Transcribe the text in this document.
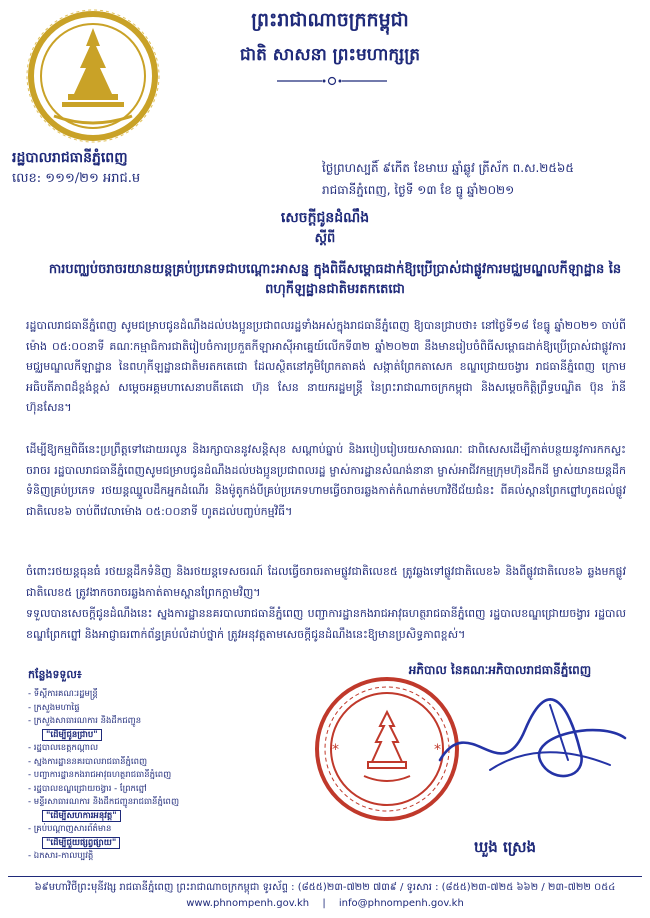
ព្រះរាជាណាចក្រកម្ពុជា
ជាតិ សាសនា ព្រះមហាក្សត្រ
រដ្ឋបាលរាជធានីភ្នំពេញ
លេខ: ១១១/២១ អរាជ.ម
ថ្ងៃព្រហស្បតិ៍ ៩កើត ខែមាឃ ឆ្នាំឆ្លូវ ត្រីស័ក ព.ស.២៥៦៥
រាជធានីភ្នំពេញ, ថ្ងៃទី ១៣ ខែ ធ្នូ ឆ្នាំ២០២១
សេចក្តីជូនដំណឹង
ស្តីពី
ការបញ្ឈប់ចរាចរយានយន្តគ្រប់ប្រភេទជាបណ្តោះអាសន្ន ក្នុងពិធីសម្ពោធដាក់ឱ្យប្រើប្រាស់ជាផ្លូវការមជ្ឈមណ្ឌលកីឡាដ្ឋាន នៃពហុកីឡដ្ឋានជាតិមរតកតេជោ
រដ្ឋបាលរាជធានីភ្នំពេញ សូមជម្រាបជូនដំណឹងដល់បងប្អូនប្រជាពលរដ្ឋទាំងអស់ក្នុងរាជធានីភ្នំពេញ ឱ្យបានជ្រាបថា៖ នៅថ្ងៃទី១៨ ខែធ្នូ ឆ្នាំ២០២១ ចាប់ពីម៉ោង ០៥:០០នាទី គណៈកម្មាធិការជាតិរៀបចំការប្រកួតកីឡាអាស៊ីអាគ្នេយ៍លើកទី៣២ ឆ្នាំ២០២៣ នឹងមានរៀបចំពិធីសម្ពោធដាក់ឱ្យប្រើប្រាស់ជាផ្លូវការមជ្ឈមណ្ឌលកីឡាដ្ឋាន នៃពហុកីឡដ្ឋានជាតិមរតកតេជោ ដែលស្ថិតនៅភូមិព្រែកតាគង់ សង្កាត់ព្រែកតាសេក ខណ្ឌជ្រោយចង្វារ រាជធានីភ្នំពេញ ក្រោមអធិបតីភាពដ៏ខ្ពង់ខ្ពស់ សម្តេចអគ្គមហាសេនាបតីតេជោ ហ៊ុន សែន នាយករដ្ឋមន្ត្រី នៃព្រះរាជាណាចក្រកម្ពុជា និងសម្តេចកិត្តិព្រឹទ្ធបណ្ឌិត ប៊ុន រ៉ានី ហ៊ុនសែន។
ដើម្បីឱ្យកម្មពិធីនេះប្រព្រឹត្តទៅដោយរលូន និងរក្សាបាននូវសន្តិសុខ សណ្តាប់ធ្នាប់ និងរបៀបរៀបរយសាធារណៈ ជាពិសេសដើម្បីកាត់បន្ថយនូវការកកស្ទះចរាចរ រដ្ឋបាលរាជធានីភ្នំពេញសូមជម្រាបជូនដំណឹងដល់បងប្អូនប្រជាពលរដ្ឋ ម្ចាស់ការដ្ឋានសំណង់នានា ម្ចាស់អាជីវកម្មក្រុមហ៊ុនដឹកដី ម្ចាស់យានយន្តដឹកទំនិញគ្រប់ប្រភេទ រថយន្តឈ្នួលដឹកអ្នកដំណើរ និងម៉ូតូកង់បីគ្រប់ប្រភេទហាមធ្វើចរាចរឆ្លងកាត់កំណាត់មហាវិថីជ័យជំនះ ពីគល់ស្ពានព្រែកព្នៅហូតដល់ផ្លូវជាតិលេខ៦ ចាប់ពីវេលាម៉ោង ០៥:០០នាទី ហូតដល់បញ្ចប់កម្មវិធី។
ចំពោះរថយន្តធុនធំ រថយន្តដឹកទំនិញ និងរថយន្តទេសចរណ៍ ដែលធ្វើចរាចរតាមផ្លូវជាតិលេខ៥ ត្រូវឆ្លងទៅផ្លូវជាតិលេខ៦ និងពីផ្លូវជាតិលេខ៦ ឆ្លងមកផ្លូវជាតិលេខ៥ ត្រូវងាកចរាចរឆ្លងកាត់តាមស្ពានព្រែកក្ដាមវិញ។
ទទួលបានសេចក្តីជូនដំណឹងនេះ ស្នងការដ្ឋាននគរបាលរាជធានីភ្នំពេញ បញ្ជាការដ្ឋានកងរាជអាវុធហត្ថរាជធានីភ្នំពេញ រដ្ឋបាលខណ្ឌជ្រោយចង្វារ រដ្ឋបាលខណ្ឌព្រែកព្នៅ និងអាជ្ញាធរពាក់ព័ន្ធគ្រប់លំដាប់ថ្នាក់ ត្រូវអនុវត្តតាមសេចក្តីជូនដំណឹងនេះឱ្យមានប្រសិទ្ធភាពខ្ពស់។
អភិបាល នៃគណៈអភិបាលរាជធានីភ្នំពេញ
*	*
ឃួង ស្រេង
កន្លែងទទួល៖
- ទីស្តីការគណៈរដ្ឋមន្ត្រី
- ក្រសួងមហាផ្ទៃ
- ក្រសួងសាធារណការ និងដឹកជញ្ជូន
"ដើម្បីជូនជ្រាប"
- រដ្ឋបាលខេត្តកណ្តាល
- ស្នងការដ្ឋាននគរបាលរាជធានីភ្នំពេញ
- បញ្ជាការដ្ឋានកងរាជអាវុធហត្ថរាជធានីភ្នំពេញ
- រដ្ឋបាលខណ្ឌជ្រោយចង្វារ - ព្រែកព្នៅ
- មន្ទីរសាធារណការ និងដឹកជញ្ជូនរាជធានីភ្នំពេញ
"ដើម្បីសហការអនុវត្ត"
- គ្រប់បណ្តាញសារព័ត៌មាន
"ដើម្បីជួយផ្សព្វផ្សាយ"
- ឯកសារ-កាលប្បវត្តិ
៦៩មហាវិថីព្រះមុនីវង្ស រាជធានីភ្នំពេញ ព្រះរាជាណាចក្រកម្ពុជា ទូរស័ព្ទ : (៨៥៥)២៣-៧២២ ៧៣៩ / ទូរសារ : (៨៥៥)២៣-៧២៥ ៦៦២ / ២៣-៧២២ ០៥៤
www.phnompenh.gov.kh | info@phnompenh.gov.kh
